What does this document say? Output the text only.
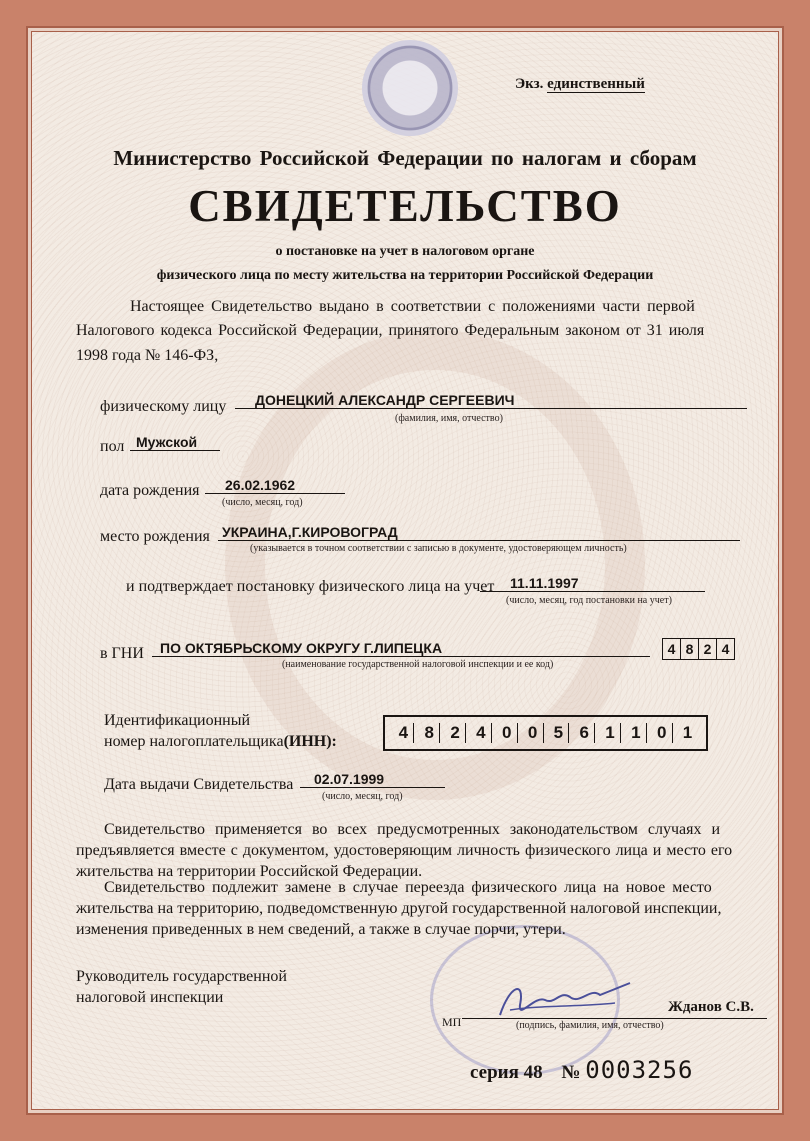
Экз. единственный
Министерство Российской Федерации по налогам и сборам
СВИДЕТЕЛЬСТВО
о постановке на учет в налоговом органе
физического лица по месту жительства на территории Российской Федерации
Настоящее Свидетельство выдано в соответствии с положениями части первой
Налогового кодекса Российской Федерации, принятого Федеральным законом от 31 июля
1998 года № 146-ФЗ,
физическому лицу	ДОНЕЦКИЙ АЛЕКСАНДР СЕРГЕЕВИЧ
(фамилия, имя, отчество)
пол Мужской
дата рождения	26.02.1962
(число, месяц, год)
место рождения УКРАИНА,Г.КИРОВОГРАД
(указывается в точном соответствии с записью в документе, удостоверяющем личность)
и подтверждает постановку физического лица на учет	11.11.1997
(число, месяц, год постановки на учет)
в ГНИ	ПО ОКТЯБРЬСКОМУ ОКРУГУ Г.ЛИПЕЦКА
(наименование государственной налоговой инспекции и ее код)
4 8 2 4
Идентификационный
номер налогоплательщика(ИНН):	4 8 2 4 0 0 5 6 1 1 0 1
Дата выдачи Свидетельства	02.07.1999
(число, месяц, год)
Свидетельство применяется во всех предусмотренных законодательством случаях и
предъявляется вместе с документом, удостоверяющим личность физического лица и место его
жительства на территории Российской Федерации.
Свидетельство подлежит замене в случае переезда физического лица на новое место
жительства на территорию, подведомственную другой государственной налоговой инспекции,
изменения приведенных в нем сведений, а также в случае порчи, утери.
Руководитель государственной
налоговой инспекции
МП
Жданов С.В.
(подпись, фамилия, имя, отчество)
серия 48 № 0003256
